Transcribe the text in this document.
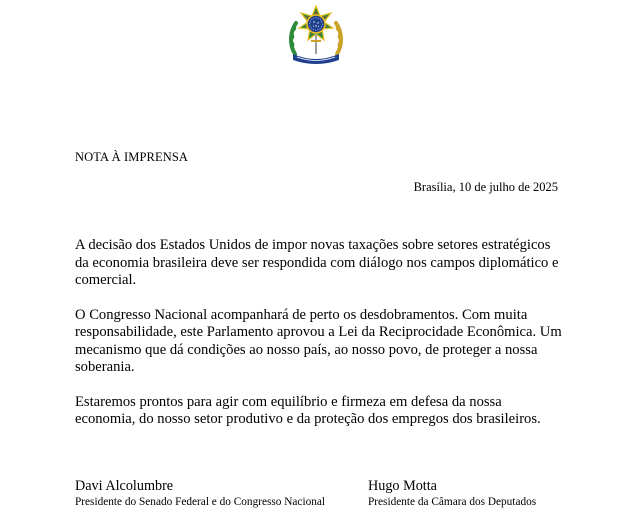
NOTA À IMPRENSA
Brasília, 10 de julho de 2025

A decisão dos Estados Unidos de impor novas taxações sobre setores estratégicos da economia brasileira deve ser respondida com diálogo nos campos diplomático e comercial.

O Congresso Nacional acompanhará de perto os desdobramentos. Com muita responsabilidade, este Parlamento aprovou a Lei da Reciprocidade Econômica. Um mecanismo que dá condições ao nosso país, ao nosso povo, de proteger a nossa soberania.

Estaremos prontos para agir com equilíbrio e firmeza em defesa da nossa economia, do nosso setor produtivo e da proteção dos empregos dos brasileiros.

Davi Alcolumbre
Presidente do Senado Federal e do Congresso Nacional
Hugo Motta
Presidente da Câmara dos Deputados
